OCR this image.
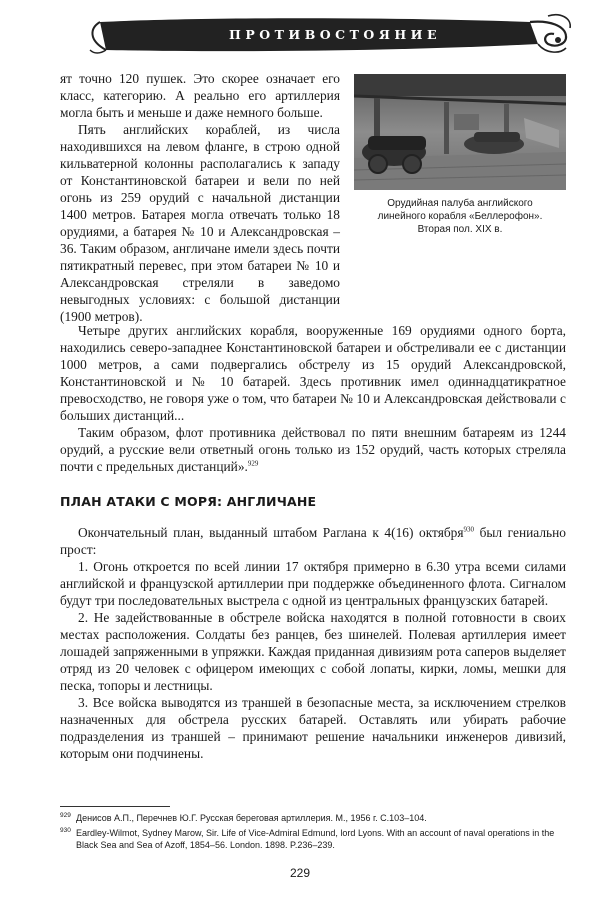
ПРОТИВОСТОЯНИЕ

ят точно 120 пушек. Это скорее означает его класс, категорию. А реально его артиллерия могла быть и меньше и даже немного больше.

Пять английских кораблей, из числа находившихся на левом фланге, в строю одной кильватерной колонны располагались к западу от Константиновской батареи и вели по ней огонь из 259 орудий с начальной дистанции 1400 метров. Батарея могла отвечать только 18 орудиями, а батарея № 10 и Александровская – 36. Таким образом, англичане имели здесь почти пятикратный перевес, при этом батареи № 10 и Александровская стреляли в заведомо невыгодных условиях: с большой дистанции (1900 метров).

Орудийная палуба английского
линейного корабля «Беллерофон».
Вторая пол. XIX в.

Четыре других английских корабля, вооруженные 169 орудиями одного борта, находились северо-западнее Константиновской батареи и обстреливали ее с дистанции 1000 метров, а сами подвергались обстрелу из 15 орудий Александровской, Константиновской и № 10 батарей. Здесь противник имел одиннадцатикратное превосходство, не говоря уже о том, что батареи № 10 и Александровская действовали с больших дистанций...

Таким образом, флот противника действовал по пяти внешним батареям из 1244 орудий, а русские вели ответный огонь только из 152 орудий, часть которых стреляла почти с предельных дистанций».$^{929}$

ПЛАН АТАКИ С МОРЯ: АНГЛИЧАНЕ

Окончательный план, выданный штабом Раглана к 4(16) октября$^{930}$ был гениально прост:

1. Огонь откроется по всей линии 17 октября примерно в 6.30 утра всеми силами английской и французской артиллерии при поддержке объединенного флота. Сигналом будут три последовательных выстрела с одной из центральных французских батарей.

2. Не задействованные в обстреле войска находятся в полной готовности в своих местах расположения. Солдаты без ранцев, без шинелей. Полевая артиллерия имеет лошадей запряженными в упряжки. Каждая приданная дивизиям рота саперов выделяет отряд из 20 человек с офицером имеющих с собой лопаты, кирки, ломы, мешки для песка, топоры и лестницы.

3. Все войска выводятся из траншей в безопасные места, за исключением стрелков назначенных для обстрела русских батарей. Оставлять или убирать рабочие подразделения из траншей – принимают решение начальники инженеров дивизий, которым они подчинены.

929 Денисов А.П., Перечнев Ю.Г. Русская береговая артиллерия. М., 1956 г. С.103–104.
930 Eardley-Wilmot, Sydney Marow, Sir. Life of Vice-Admiral Edmund, lord Lyons. With an account of naval operations in the Black Sea and Sea of Azoff, 1854–56. London. 1898. P.236–239.
229
